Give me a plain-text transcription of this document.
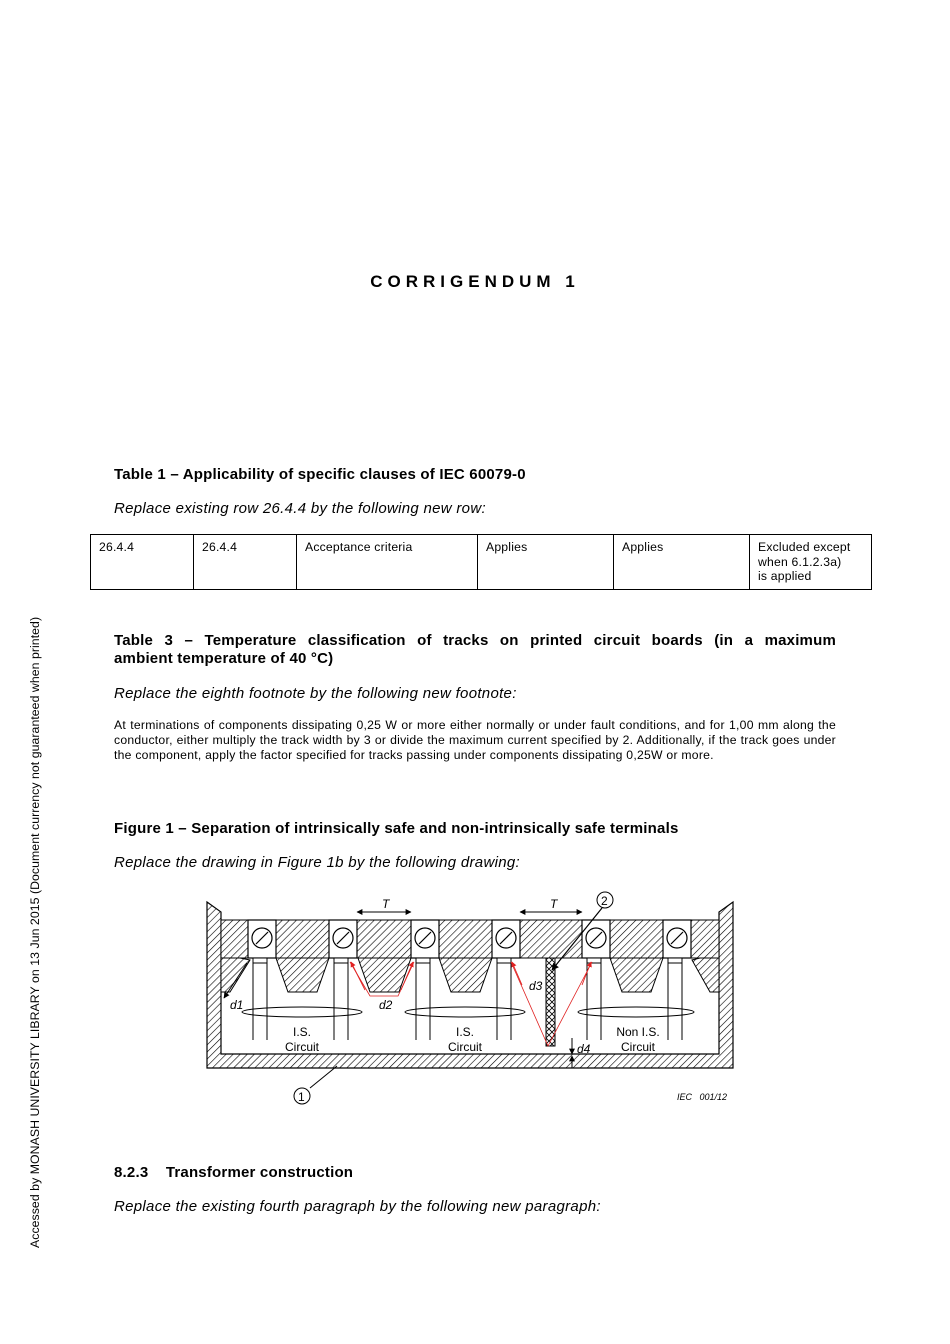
CORRIGENDUM 1
Table 1 – Applicability of specific clauses of IEC 60079-0
Replace existing row 26.4.4 by the following new row:
26.4.4	26.4.4	Acceptance criteria	Applies	Applies	Excluded except
when 6.1.2.3a)
is applied
Table 3 – Temperature classification of tracks on printed circuit boards (in a maximum
ambient temperature of 40 °C)
Replace the eighth footnote by the following new footnote:
At terminations of components dissipating 0,25 W or more either normally or under fault conditions, and for 1,00 mm along the conductor, either multiply the track width by 3 or divide the maximum current specified by 2. Additionally, if the track goes under the component, apply the factor specified for tracks passing under components dissipating 0,25W or more.
Figure 1 – Separation of intrinsically safe and non-intrinsically safe terminals
Replace the drawing in Figure 1b by the following drawing:
T	T	2
1
d1	d2
d3
d4
I.S.
Circuit
I.S.
Circuit
Non I.S.
Circuit
IEC   001/12
8.2.3    Transformer construction
Replace the existing fourth paragraph by the following new paragraph:
Accessed by MONASH UNIVERSITY LIBRARY on 13 Jun 2015 (Document currency not guaranteed when printed)
